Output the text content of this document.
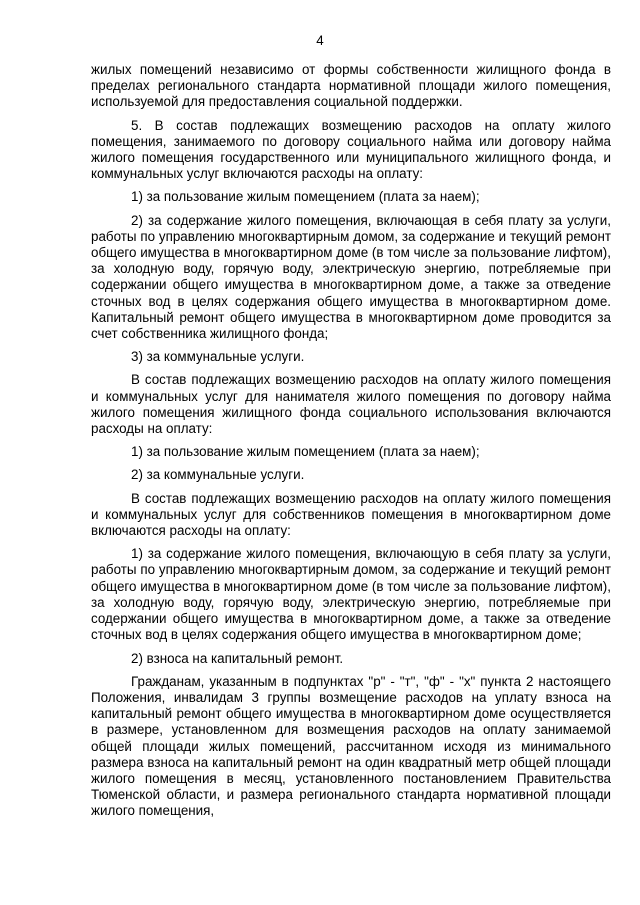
4

жилых помещений независимо от формы собственности жилищного фонда в пределах регионального стандарта нормативной площади жилого помещения, используемой для предоставления социальной поддержки.

5. В состав подлежащих возмещению расходов на оплату жилого помещения, занимаемого по договору социального найма или договору найма жилого помещения государственного или муниципального жилищного фонда, и коммунальных услуг включаются расходы на оплату:

1) за пользование жилым помещением (плата за наем);

2) за содержание жилого помещения, включающая в себя плату за услуги, работы по управлению многоквартирным домом, за содержание и текущий ремонт общего имущества в многоквартирном доме (в том числе за пользование лифтом), за холодную воду, горячую воду, электрическую энергию, потребляемые при содержании общего имущества в многоквартирном доме, а также за отведение сточных вод в целях содержания общего имущества в многоквартирном доме. Капитальный ремонт общего имущества в многоквартирном доме проводится за счет собственника жилищного фонда;

3) за коммунальные услуги.

В состав подлежащих возмещению расходов на оплату жилого помещения и коммунальных услуг для нанимателя жилого помещения по договору найма жилого помещения жилищного фонда социального использования включаются расходы на оплату:

1) за пользование жилым помещением (плата за наем);

2) за коммунальные услуги.

В состав подлежащих возмещению расходов на оплату жилого помещения и коммунальных услуг для собственников помещения в многоквартирном доме включаются расходы на оплату:

1) за содержание жилого помещения, включающую в себя плату за услуги, работы по управлению многоквартирным домом, за содержание и текущий ремонт общего имущества в многоквартирном доме (в том числе за пользование лифтом), за холодную воду, горячую воду, электрическую энергию, потребляемые при содержании общего имущества в многоквартирном доме, а также за отведение сточных вод в целях содержания общего имущества в многоквартирном доме;

2) взноса на капитальный ремонт.

Гражданам, указанным в подпунктах "р" - "т", "ф" - "х" пункта 2 настоящего Положения, инвалидам 3 группы возмещение расходов на уплату взноса на капитальный ремонт общего имущества в многоквартирном доме осуществляется в размере, установленном для возмещения расходов на оплату занимаемой общей площади жилых помещений, рассчитанном исходя из минимального размера взноса на капитальный ремонт на один квадратный метр общей площади жилого помещения в месяц, установленного постановлением Правительства Тюменской области, и размера регионального стандарта нормативной площади жилого помещения,
